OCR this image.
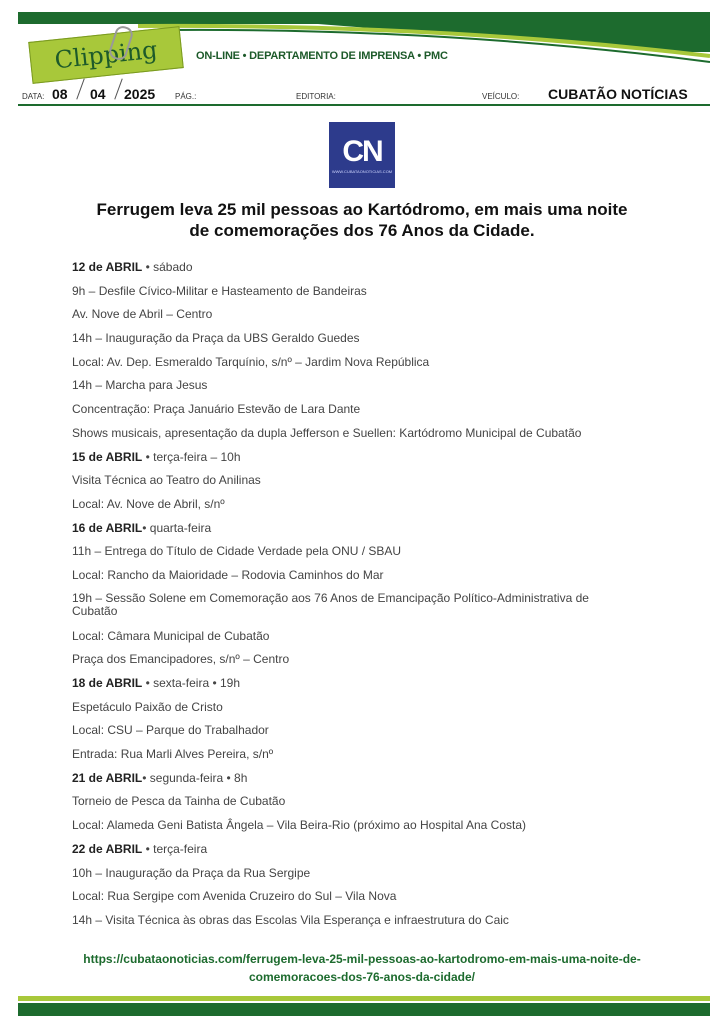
Clipping	ON-LINE • DEPARTAMENTO DE IMPRENSA • PMC
DATA: 08 04 2025 PÁG.:	EDITORIA:	VEÍCULO: CUBATÃO NOTÍCIAS
CN
WWW.CUBATAONOTICIAS.COM
Ferrugem leva 25 mil pessoas ao Kartódromo, em mais uma noite
de comemorações dos 76 Anos da Cidade.
12 de ABRIL • sábado
9h – Desfile Cívico-Militar e Hasteamento de Bandeiras
Av. Nove de Abril – Centro
14h – Inauguração da Praça da UBS Geraldo Guedes
Local: Av. Dep. Esmeraldo Tarquínio, s/nº – Jardim Nova República
14h – Marcha para Jesus
Concentração: Praça Januário Estevão de Lara Dante
Shows musicais, apresentação da dupla Jefferson e Suellen: Kartódromo Municipal de Cubatão
15 de ABRIL • terça-feira – 10h
Visita Técnica ao Teatro do Anilinas
Local: Av. Nove de Abril, s/nº
16 de ABRIL• quarta-feira
11h – Entrega do Título de Cidade Verdade pela ONU / SBAU
Local: Rancho da Maioridade – Rodovia Caminhos do Mar
19h – Sessão Solene em Comemoração aos 76 Anos de Emancipação Político-Administrativa de Cubatão
Local: Câmara Municipal de Cubatão
Praça dos Emancipadores, s/nº – Centro
18 de ABRIL • sexta-feira • 19h
Espetáculo Paixão de Cristo
Local: CSU – Parque do Trabalhador
Entrada: Rua Marli Alves Pereira, s/nº
21 de ABRIL• segunda-feira • 8h
Torneio de Pesca da Tainha de Cubatão
Local: Alameda Geni Batista Ângela – Vila Beira-Rio (próximo ao Hospital Ana Costa)
22 de ABRIL • terça-feira
10h – Inauguração da Praça da Rua Sergipe
Local: Rua Sergipe com Avenida Cruzeiro do Sul – Vila Nova
14h – Visita Técnica às obras das Escolas Vila Esperança e infraestrutura do Caic
https://cubataonoticias.com/ferrugem-leva-25-mil-pessoas-ao-kartodromo-em-mais-uma-noite-de-
comemoracoes-dos-76-anos-da-cidade/
